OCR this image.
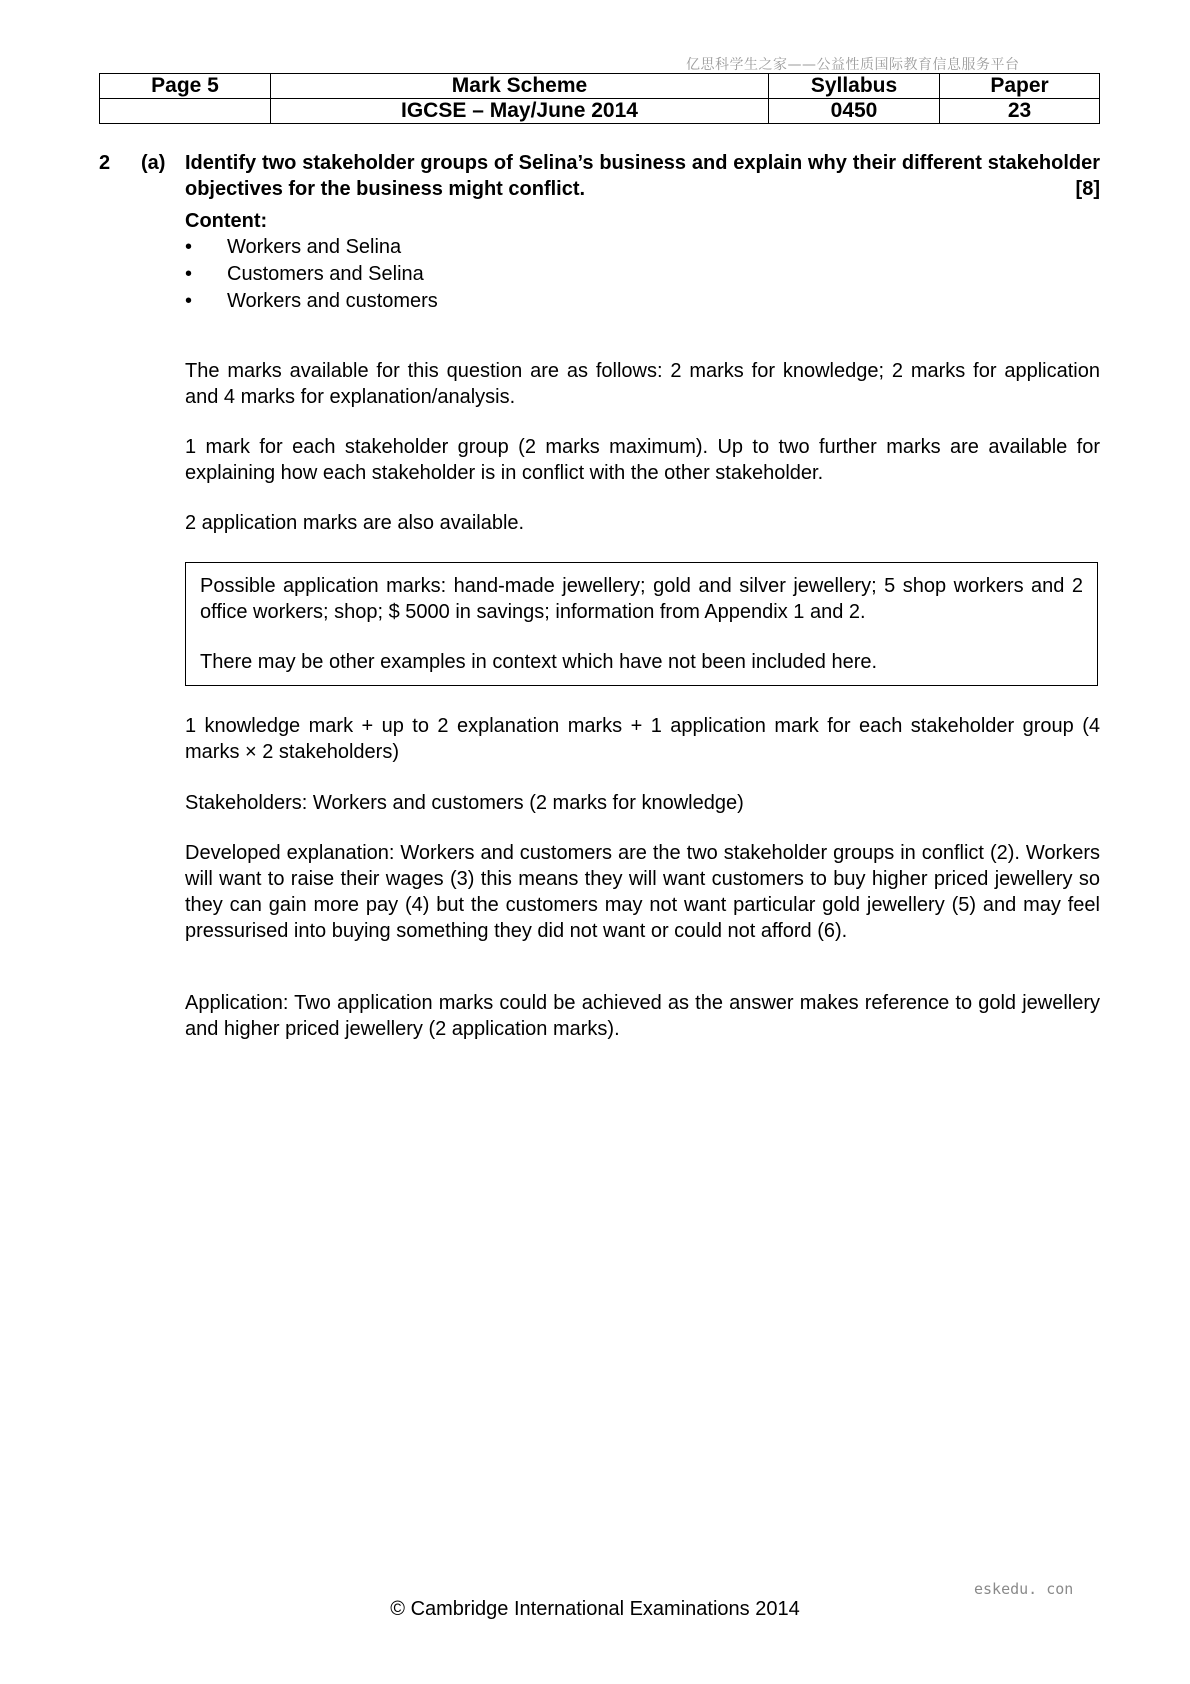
亿思科学生之家——公益性质国际教育信息服务平台
Page 5	Mark Scheme	Syllabus	Paper
	IGCSE – May/June 2014	0450	23
2 (a) Identify two stakeholder groups of Selina’s business and explain why their different stakeholder objectives for the business might conflict.	[8]
Content:
• Workers and Selina
• Customers and Selina
• Workers and customers
The marks available for this question are as follows: 2 marks for knowledge; 2 marks for application and 4 marks for explanation/analysis.
1 mark for each stakeholder group (2 marks maximum). Up to two further marks are available for explaining how each stakeholder is in conflict with the other stakeholder.
2 application marks are also available.

Possible application marks: hand-made jewellery; gold and silver jewellery; 5 shop workers and 2 office workers; shop; $ 5000 in savings; information from Appendix 1 and 2.

There may be other examples in context which have not been included here.

1 knowledge mark + up to 2 explanation marks + 1 application mark for each stakeholder group (4 marks × 2 stakeholders)
Stakeholders: Workers and customers (2 marks for knowledge)
Developed explanation: Workers and customers are the two stakeholder groups in conflict (2). Workers will want to raise their wages (3) this means they will want customers to buy higher priced jewellery so they can gain more pay (4) but the customers may not want particular gold jewellery (5) and may feel pressurised into buying something they did not want or could not afford (6).
Application: Two application marks could be achieved as the answer makes reference to gold jewellery and higher priced jewellery (2 application marks).
eskedu. con
© Cambridge International Examinations 2014
